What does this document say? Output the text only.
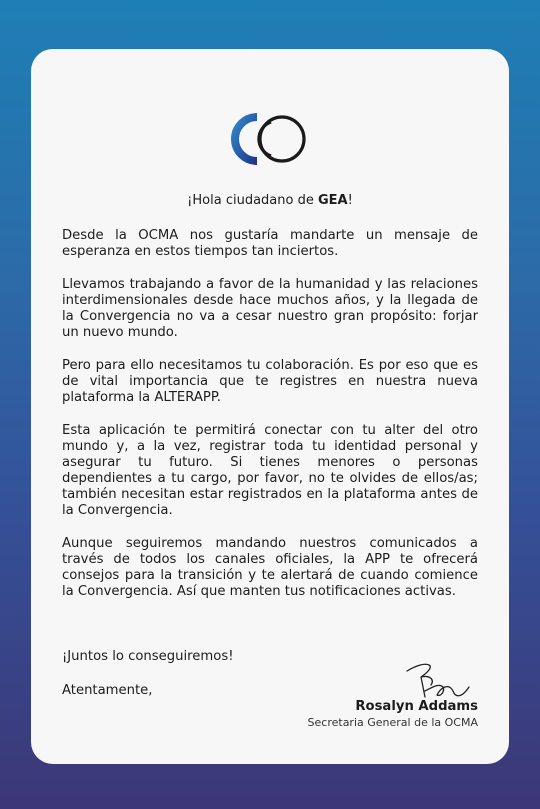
¡Hola ciudadano de GEA!

Desde la OCMA nos gustaría mandarte un mensaje de esperanza en estos tiempos tan inciertos.

Llevamos trabajando a favor de la humanidad y las relaciones interdimensionales desde hace muchos años, y la llegada de la Convergencia no va a cesar nuestro gran propósito: forjar un nuevo mundo.

Pero para ello necesitamos tu colaboración. Es por eso que es de vital importancia que te registres en nuestra nueva plataforma la ALTERAPP.

Esta aplicación te permitirá conectar con tu alter del otro mundo y, a la vez, registrar toda tu identidad personal y asegurar tu futuro. Si tienes menores o personas dependientes a tu cargo, por favor, no te olvides de ellos/as; también necesitan estar registrados en la plataforma antes de la Convergencia.

Aunque seguiremos mandando nuestros comunicados a través de todos los canales oficiales, la APP te ofrecerá consejos para la transición y te alertará de cuando comience la Convergencia. Así que manten tus notificaciones activas.

¡Juntos lo conseguiremos!
Atentamente,
Rosalyn Addams
Secretaria General de la OCMA
